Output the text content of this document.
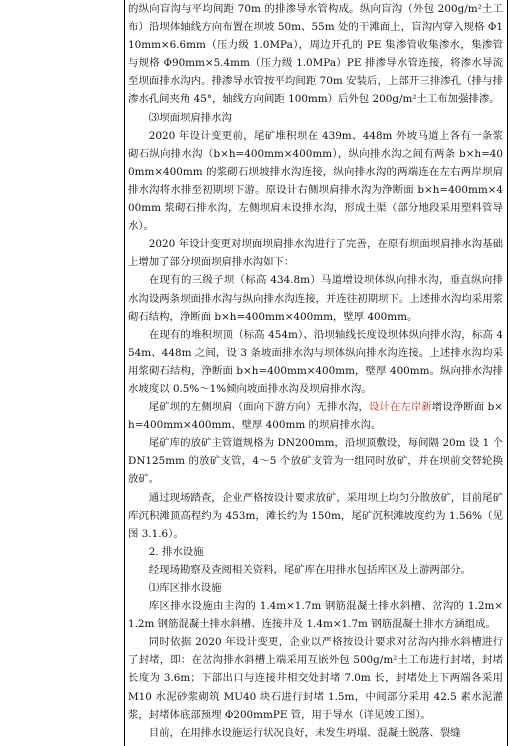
的纵向盲沟与平均间距 70m 的排渗导水管构成。纵向盲沟（外包 200g/m²土工布）沿坝体轴线方向布置在坝坡 50m、55m 处的干滩面上，盲沟内穿入规格 Φ110mm×6.6mm（压力级 1.0MPa），周边开孔的 PE 集渗管收集渗水，集渗管与规格 Φ90mm×5.4mm（压力级 1.0MPa）PE 排渗导水管连接，将渗水导流至坝面排水沟内。排渗导水管按平均间距 70m 安装后，上部开三排渗孔（排与排渗水孔间夹角 45°，轴线方向间距 100mm）后外包 200g/m²土工布加强排渗。

⑶坝面坝肩排水沟

2020 年设计变更前，尾矿堆积坝在 439m、448m 外坡马道上各有一条浆砌石纵向排水沟（b×h=400mm×400mm），纵向排水沟之间有两条 b×h=400mm×400mm 的浆砌石坝坡排水沟连接，纵向排水沟的两端连在左右两岸坝肩排水沟将水排至初期坝下游。原设计右侧坝肩排水沟为浄断面 b×h=400mm×400mm 浆砌石排水沟，左侧坝肩未设排水沟，形成土渠（部分地段采用塑料管导水）。

2020 年设计变更对坝面坝肩排水沟进行了完善，在原有坝面坝肩排水沟基础上增加了部分坝面坝肩排水沟如下：

在现有的三级子坝（标高 434.8m）马道增设坝体纵向排水沟，垂直纵向排水沟设两条坝面排水沟与纵向排水沟连接，并连往初期坝下。上述排水沟均采用浆砌石结构，浄断面 b×h=400mm×400mm，壁厚 400mm。

在现有的堆积坝顶（标高 454m）、沿坝轴线长度设坝体纵向排水沟，标高 454m、448m 之间，设 3 条坡面排水沟与坝体纵向排水沟连接。上述排水沟均采用浆砌石结构，浄断面 b×h=400mm×400mm，壁厚 400mm。纵向排水沟排水坡度以 0.5%～1%倾向坡面排水沟及坝肩排水沟。

尾矿坝的左侧坝肩（面向下游方向）无排水沟，设计在左岸新增设浄断面 b×h=400mm×400mm、壁厚 400mm 的坝肩排水沟。

尾矿库的放矿主管道规格为 DN200mm，沿坝顶敷设，每间隔 20m 设 1 个 DN125mm 的放矿支管，4～5 个放矿支管为一组同时放矿，并在坝前交替轮换放矿。

通过现场踏查，企业严格按设计要求放矿，采用坝上均匀分散放矿，目前尾矿库沉积滩顶高程约为 453m，滩长约为 150m，尾矿沉积滩坡度约为 1.56%（见图 3.1.6）。

2. 排水设施

经现场勘察及查阅相关资料，尾矿库在用排水包括库区及上游两部分。

⑴库区排水设施

库区排水设施由主沟的 1.4m×1.7m 钢筋混凝土排水斜槽、岔沟的 1.2m×1.2m 钢筋混凝土排水斜槽、连接井及 1.4m×1.7m 钢筋混凝土排水方涵组成。

同时依据 2020 年设计变更，企业以严格按设计要求对岔沟内排水斜槽进行了封堵，即：在岔沟排水斜槽上端采用互嵌外包 500g/m²土工布进行封堵，封堵长度为 3.6m；下部出口与连接井相交处封堵 7.0m 长，封堵处上下两端各采用 M10 水泥砂浆砌筑 MU40 块石进行封堵 1.5m，中间部分采用 42.5 素水泥灌浆，封堵体底部预埋 Φ200mmPE 管，用于导水（详见竣工图）。

目前，在用排水设施运行状况良好，未发生坍塌、混凝土脱落、裂缝
